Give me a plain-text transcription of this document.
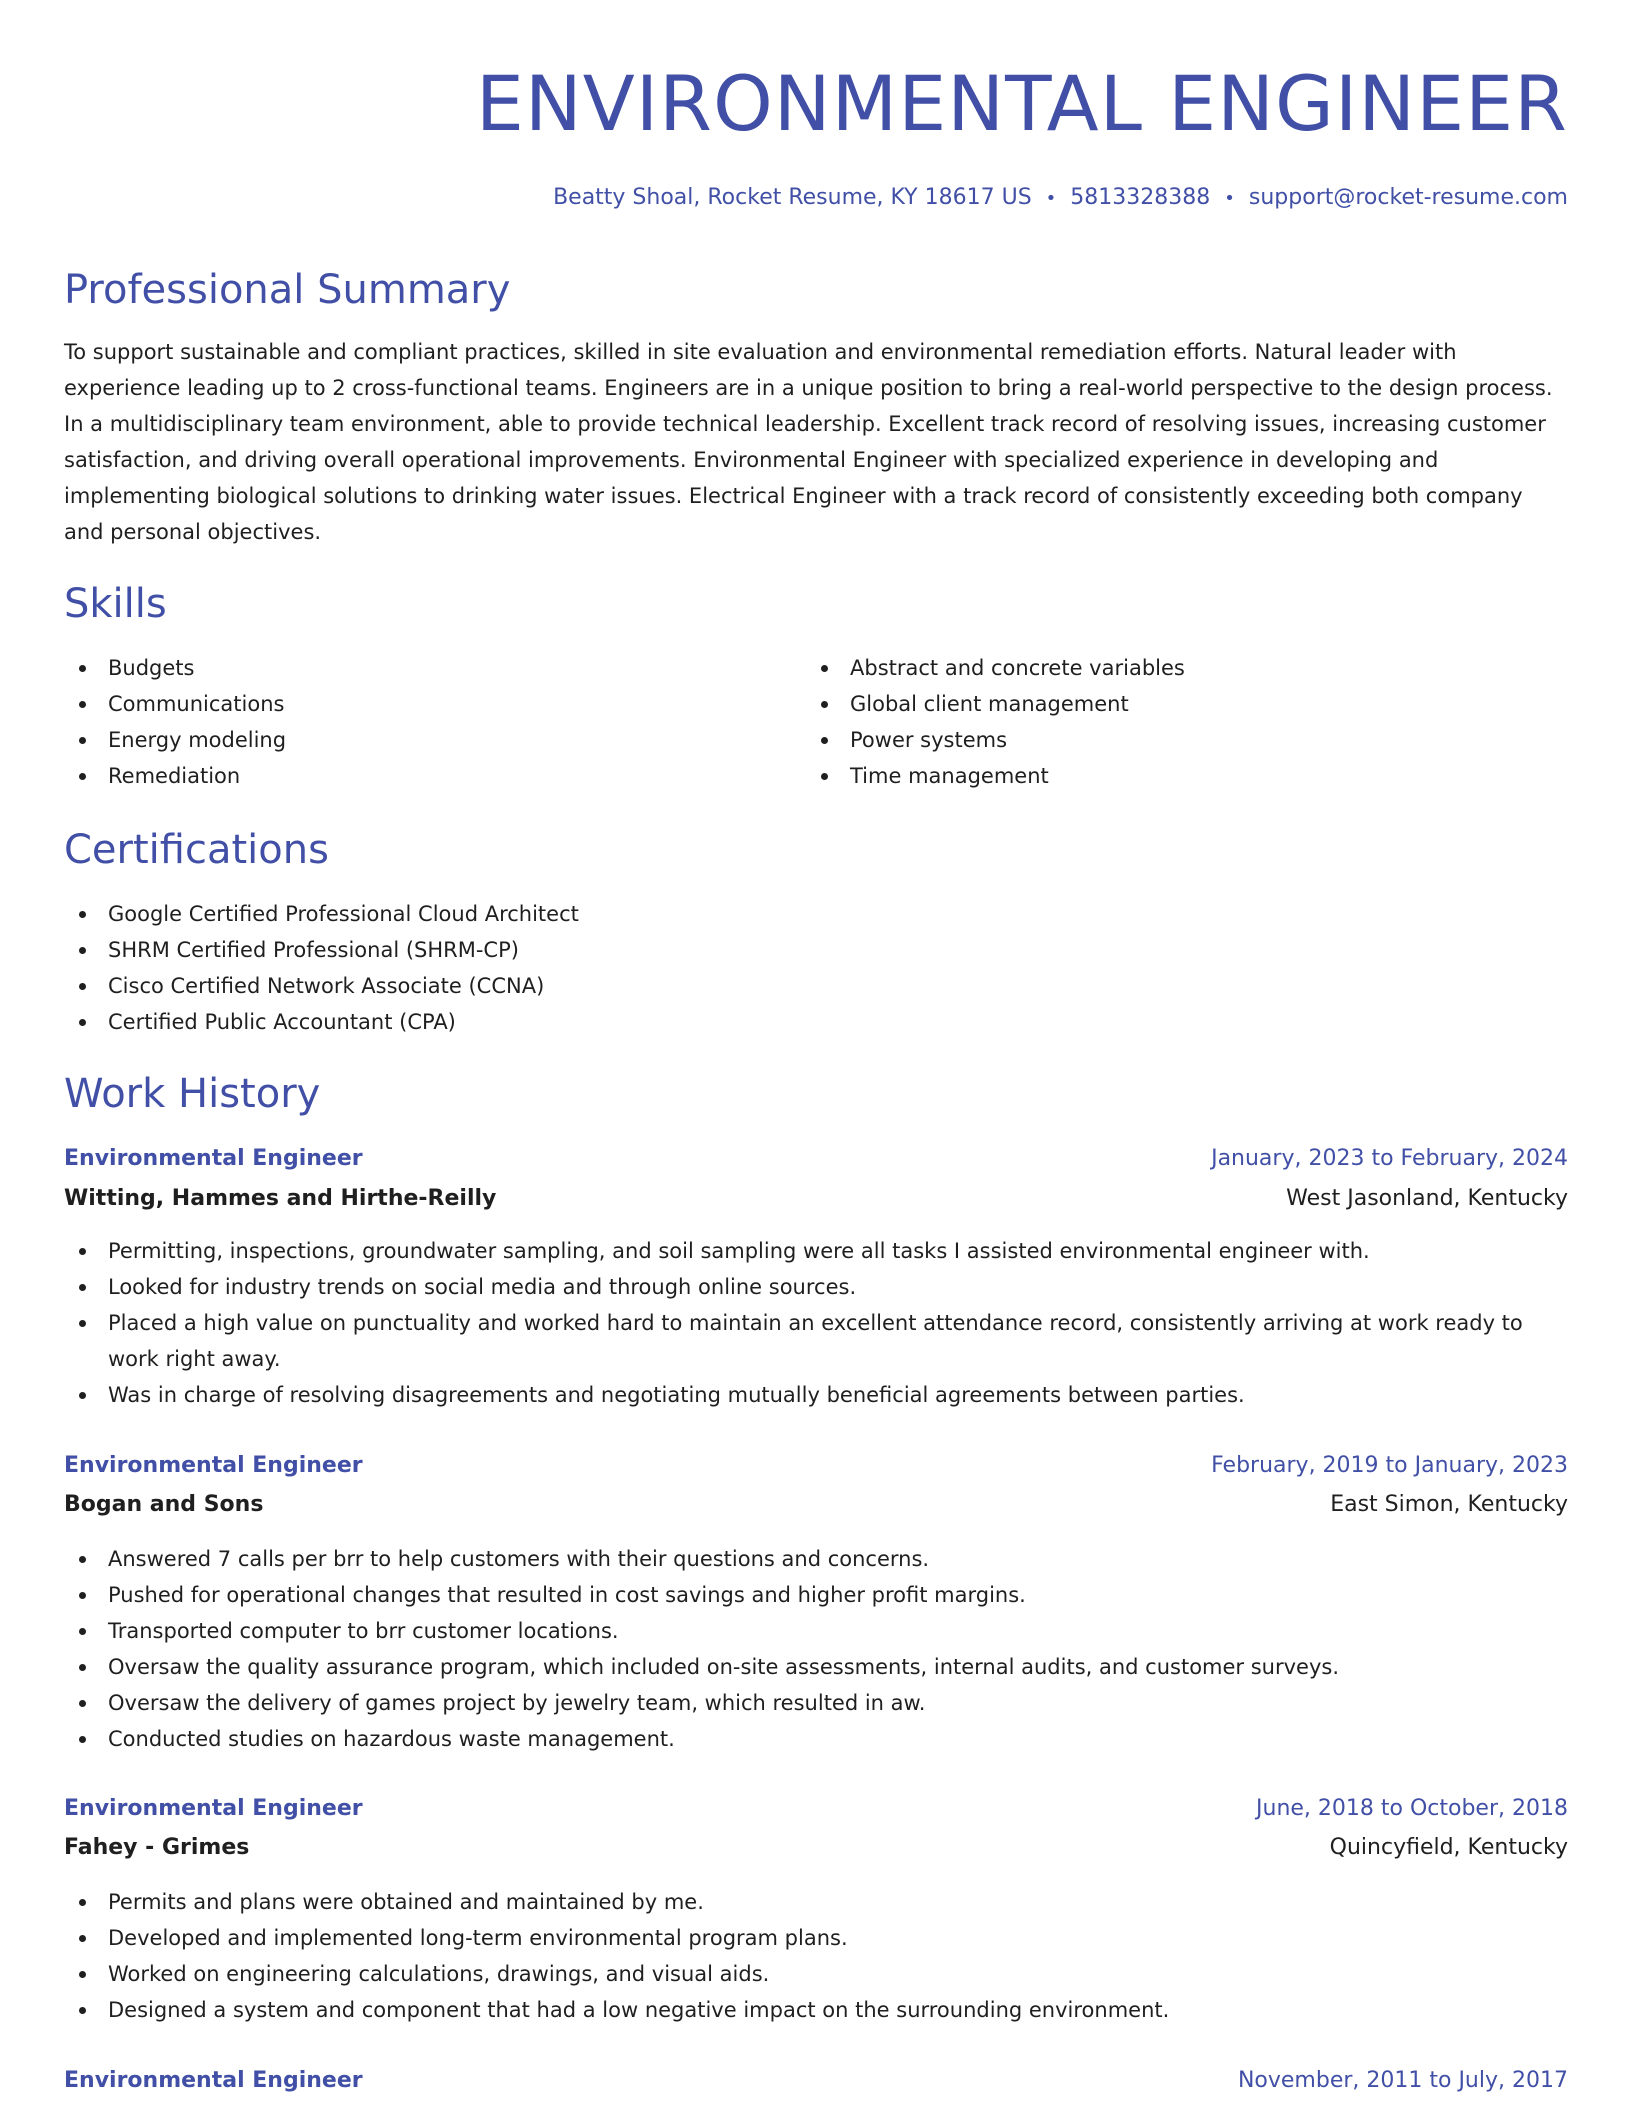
ENVIRONMENTAL ENGINEER
Beatty Shoal, Rocket Resume, KY 18617 US • 5813328388 • support@rocket-resume.com
Professional Summary

To support sustainable and compliant practices, skilled in site evaluation and environmental remediation efforts. Natural leader with experience leading up to 2 cross-functional teams. Engineers are in a unique position to bring a real-world perspective to the design process. In a multidisciplinary team environment, able to provide technical leadership. Excellent track record of resolving issues, increasing customer satisfaction, and driving overall operational improvements. Environmental Engineer with specialized experience in developing and implementing biological solutions to drinking water issues. Electrical Engineer with a track record of consistently exceeding both company and personal objectives.

Skills
Budgets
Communications
Energy modeling
Remediation
Abstract and concrete variables
Global client management
Power systems
Time management
Certifications
Google Certified Professional Cloud Architect
SHRM Certified Professional (SHRM-CP)
Cisco Certified Network Associate (CCNA)
Certified Public Accountant (CPA)
Work History
Environmental Engineer	January, 2023 to February, 2024
Witting, Hammes and Hirthe-Reilly	West Jasonland, Kentucky
Permitting, inspections, groundwater sampling, and soil sampling were all tasks I assisted environmental engineer with.
Looked for industry trends on social media and through online sources.
Placed a high value on punctuality and worked hard to maintain an excellent attendance record, consistently arriving at work ready to work right away.
Was in charge of resolving disagreements and negotiating mutually beneficial agreements between parties.
Environmental Engineer	February, 2019 to January, 2023
Bogan and Sons	East Simon, Kentucky
Answered 7 calls per brr to help customers with their questions and concerns.
Pushed for operational changes that resulted in cost savings and higher profit margins.
Transported computer to brr customer locations.
Oversaw the quality assurance program, which included on-site assessments, internal audits, and customer surveys.
Oversaw the delivery of games project by jewelry team, which resulted in aw.
Conducted studies on hazardous waste management.
Environmental Engineer	June, 2018 to October, 2018
Fahey - Grimes	Quincyfield, Kentucky
Permits and plans were obtained and maintained by me.
Developed and implemented long-term environmental program plans.
Worked on engineering calculations, drawings, and visual aids.
Designed a system and component that had a low negative impact on the surrounding environment.
Environmental Engineer	November, 2011 to July, 2017
